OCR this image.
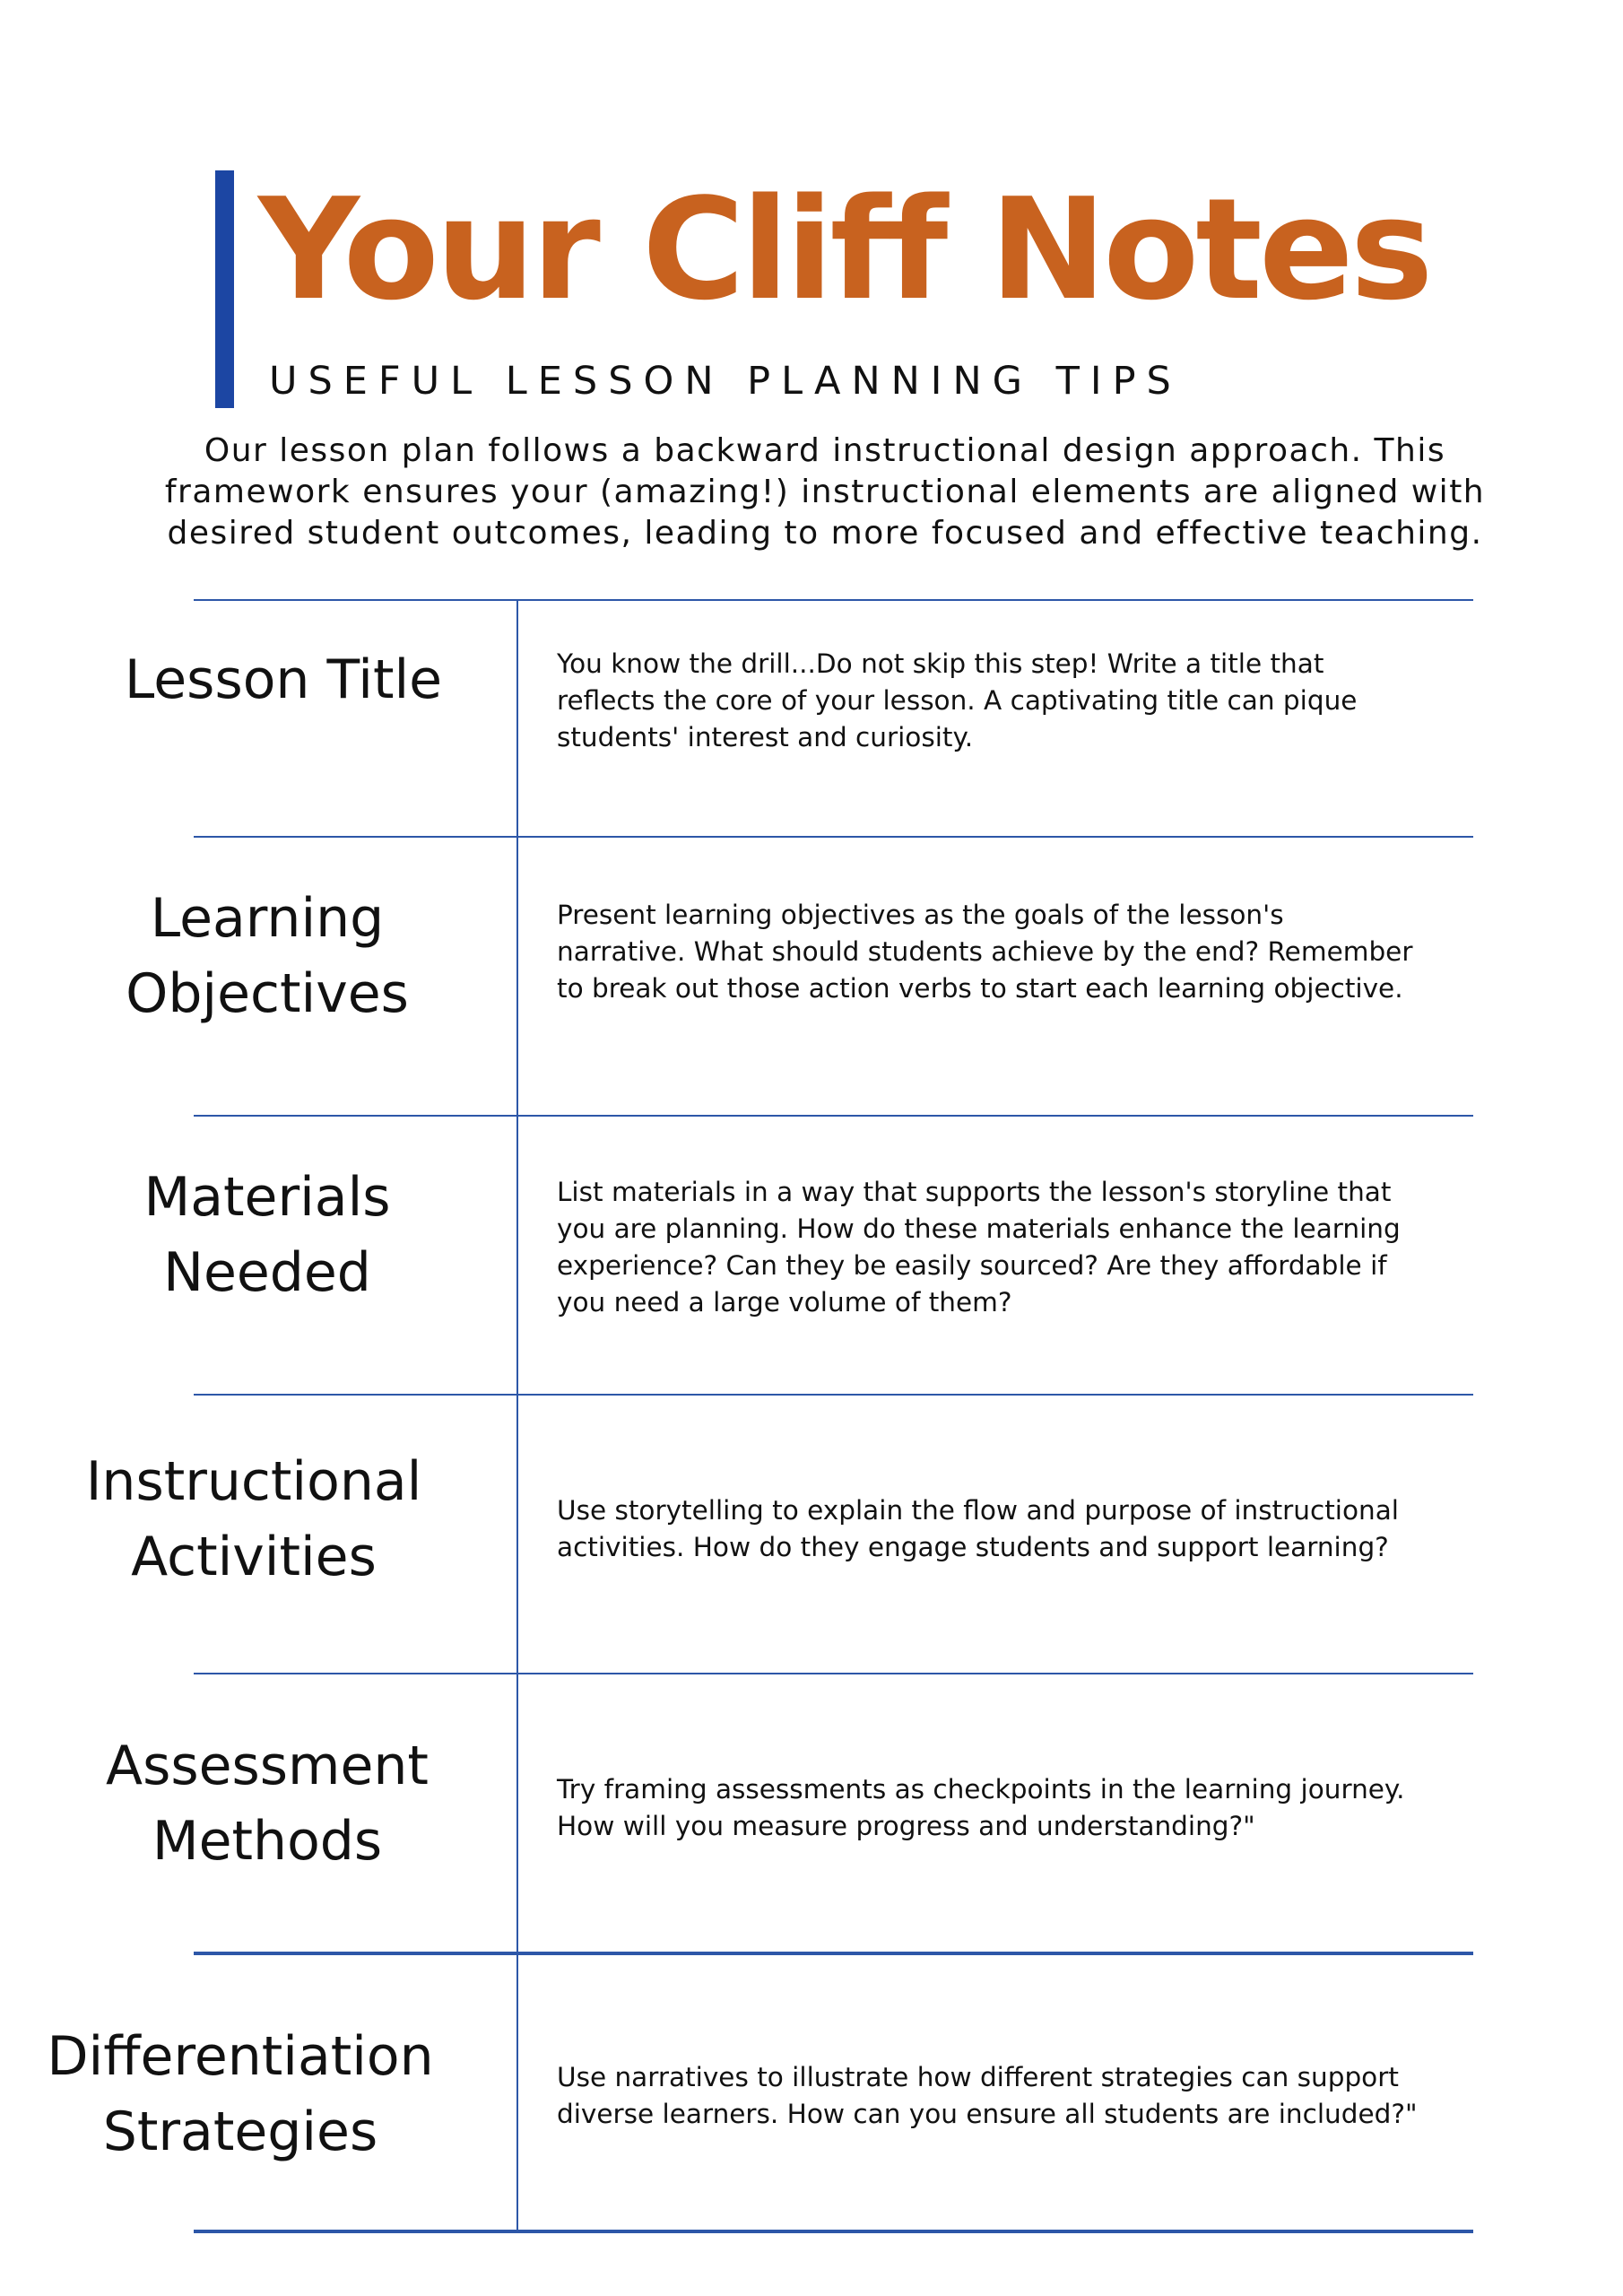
Your Cliff Notes
USEFUL LESSON PLANNING TIPS

Our lesson plan follows a backward instructional design approach. This framework ensures your (amazing!) instructional elements are aligned with desired student outcomes, leading to more focused and effective teaching.

Lesson Title	You know the drill...Do not skip this step! Write a title that reflects the core of your lesson. A captivating title can pique students' interest and curiosity.
Learning Objectives
Present learning objectives as the goals of the lesson's narrative. What should students achieve by the end? Remember to break out those action verbs to start each learning objective.
Materials Needed
List materials in a way that supports the lesson's storyline that you are planning. How do these materials enhance the learning experience? Can they be easily sourced? Are they affordable if you need a large volume of them?
Instructional Activities
Use storytelling to explain the flow and purpose of instructional activities. How do they engage students and support learning?
Assessment Methods
Try framing assessments as checkpoints in the learning journey. How will you measure progress and understanding?"
Differentiation Strategies
Use narratives to illustrate how different strategies can support diverse learners. How can you ensure all students are included?"
